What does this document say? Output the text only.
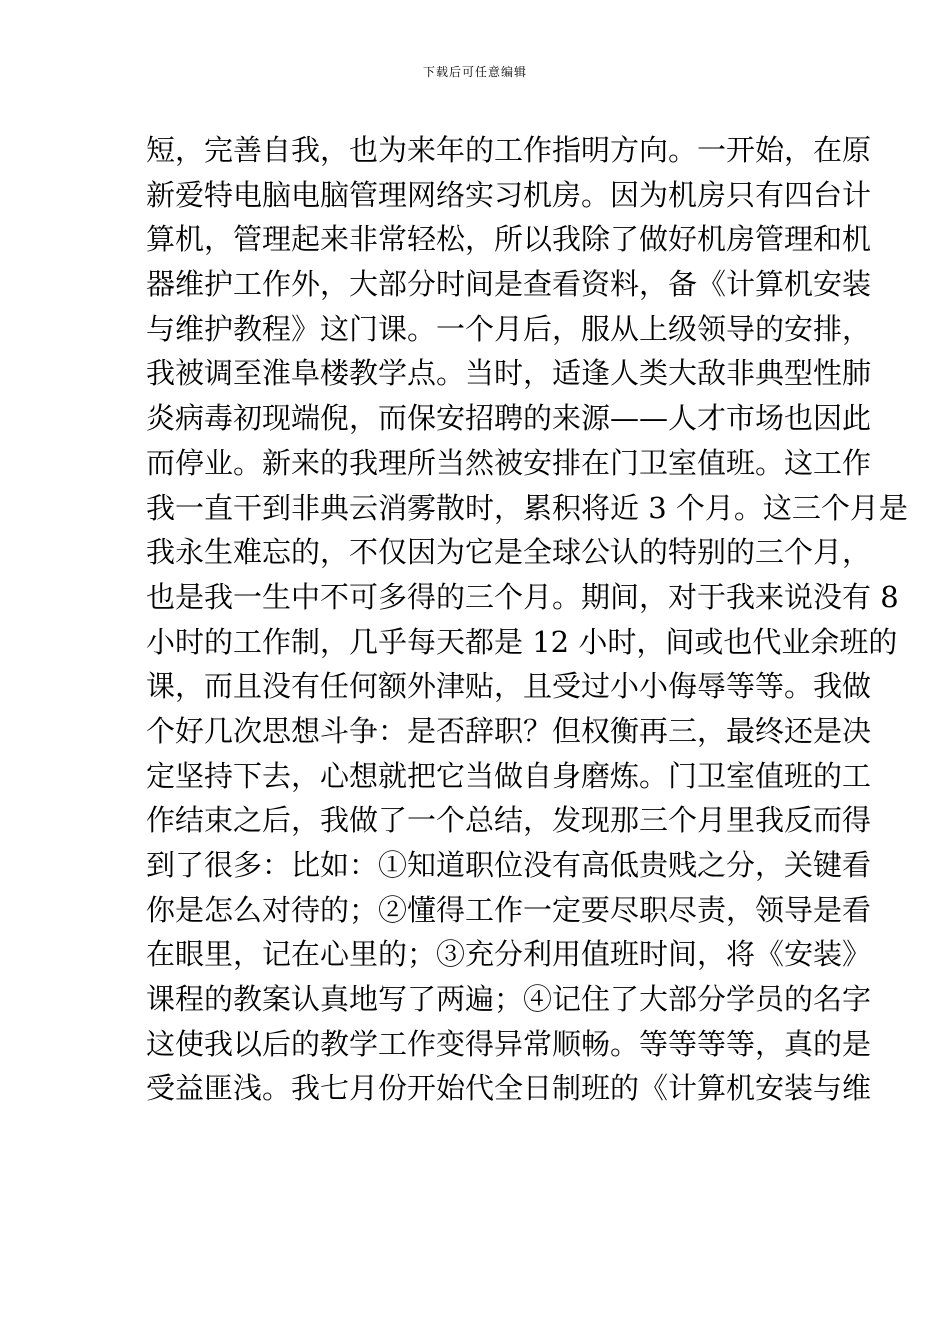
下载后可任意编辑
短，完善自我，也为来年的工作指明方向。一开始，在原
新爱特电脑电脑管理网络实习机房。因为机房只有四台计
算机，管理起来非常轻松，所以我除了做好机房管理和机
器维护工作外，大部分时间是查看资料，备《计算机安装
与维护教程》这门课。一个月后，服从上级领导的安排，
我被调至淮阜楼教学点。当时，适逢人类大敌非典型性肺
炎病毒初现端倪，而保安招聘的来源——人才市场也因此
而停业。新来的我理所当然被安排在门卫室值班。这工作
我一直干到非典云消雾散时，累积将近 3 个月。这三个月是
我永生难忘的，不仅因为它是全球公认的特别的三个月，
也是我一生中不可多得的三个月。期间，对于我来说没有 8
小时的工作制，几乎每天都是 12 小时，间或也代业余班的
课，而且没有任何额外津贴，且受过小小侮辱等等。我做
个好几次思想斗争：是否辞职？但权衡再三，最终还是决
定坚持下去，心想就把它当做自身磨炼。门卫室值班的工
作结束之后，我做了一个总结，发现那三个月里我反而得
到了很多：比如：①知道职位没有高低贵贱之分，关键看
你是怎么对待的；②懂得工作一定要尽职尽责，领导是看
在眼里，记在心里的；③充分利用值班时间，将《安装》
课程的教案认真地写了两遍；④记住了大部分学员的名字
这使我以后的教学工作变得异常顺畅。等等等等，真的是
受益匪浅。我七月份开始代全日制班的《计算机安装与维
